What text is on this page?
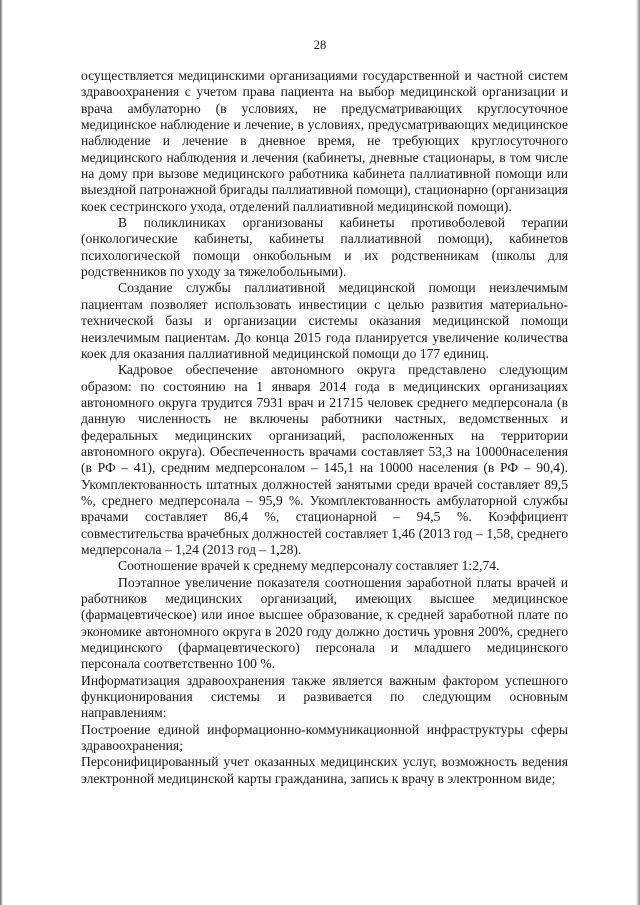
28

осуществляется медицинскими организациями государственной и частной систем здравоохранения с учетом права пациента на выбор медицинской организации и врача амбулаторно (в условиях, не предусматривающих круглосуточное медицинское наблюдение и лечение, в условиях, предусматривающих медицинское наблюдение и лечение в дневное время, не требующих круглосуточного медицинского наблюдения и лечения (кабинеты, дневные стационары, в том числе на дому при вызове медицинского работника кабинета паллиативной помощи или выездной патронажной бригады паллиативной помощи), стационарно (организация коек сестринского ухода, отделений паллиативной медицинской помощи).

В поликлиниках организованы кабинеты противоболевой терапии (онкологические кабинеты, кабинеты паллиативной помощи), кабинетов психологической помощи онкобольным и их родственникам (школы для родственников по уходу за тяжелобольными).

Создание службы паллиативной медицинской помощи неизлечимым пациентам позволяет использовать инвестиции с целью развития материально-технической базы и организации системы оказания медицинской помощи неизлечимым пациентам. До конца 2015 года планируется увеличение количества коек для оказания паллиативной медицинской помощи до 177 единиц.

Кадровое обеспечение автономного округа представлено следующим образом: по состоянию на 1 января 2014 года в медицинских организациях автономного округа трудится 7931 врач и 21715 человек среднего медперсонала (в данную численность не включены работники частных, ведомственных и федеральных медицинских организаций, расположенных на территории автономного округа). Обеспеченность врачами составляет 53,3 на 10000населения (в РФ – 41), средним медперсоналом – 145,1 на 10000 населения (в РФ – 90,4). Укомплектованность штатных должностей занятыми среди врачей составляет 89,5 %, среднего медперсонала – 95,9 %. Укомплектованность амбулаторной службы врачами составляет 86,4 %, стационарной – 94,5 %. Коэффициент совместительства врачебных должностей составляет 1,46 (2013 год – 1,58, среднего медперсонала – 1,24 (2013 год – 1,28).

Соотношение врачей к среднему медперсоналу составляет 1:2,74.

Поэтапное увеличение показателя соотношения заработной платы врачей и работников медицинских организаций, имеющих высшее медицинское (фармацевтическое) или иное высшее образование, к средней заработной плате по экономике автономного округа в 2020 году должно достичь уровня 200%, среднего медицинского (фармацевтического) персонала и младшего медицинского персонала соответственно 100 %.

Информатизация здравоохранения также является важным фактором успешного функционирования системы и развивается по следующим основным направлениям:

Построение единой информационно-коммуникационной инфраструктуры сферы здравоохранения;

Персонифицированный учет оказанных медицинских услуг, возможность ведения электронной медицинской карты гражданина, запись к врачу в электронном виде;
